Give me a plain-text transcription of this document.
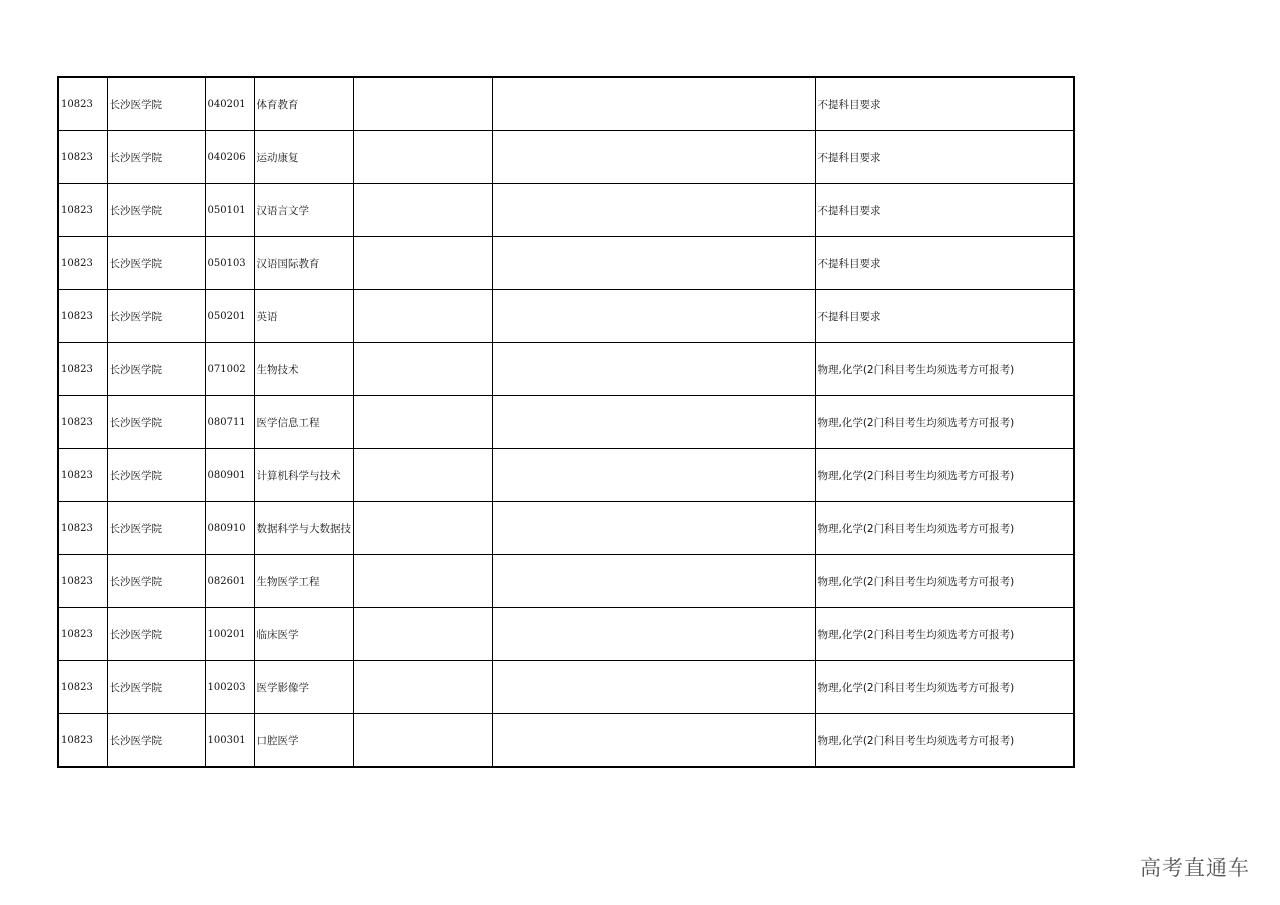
10823	长沙医学院	040201	体育教育			不提科目要求
10823	长沙医学院	040206	运动康复			不提科目要求
10823	长沙医学院	050101	汉语言文学			不提科目要求
10823	长沙医学院	050103	汉语国际教育			不提科目要求
10823	长沙医学院	050201	英语			不提科目要求
10823	长沙医学院	071002	生物技术			物理,化学(2门科目考生均须选考方可报考)
10823	长沙医学院	080711	医学信息工程			物理,化学(2门科目考生均须选考方可报考)
10823	长沙医学院	080901	计算机科学与技术			物理,化学(2门科目考生均须选考方可报考)
10823	长沙医学院	080910	数据科学与大数据技			物理,化学(2门科目考生均须选考方可报考)
10823	长沙医学院	082601	生物医学工程			物理,化学(2门科目考生均须选考方可报考)
10823	长沙医学院	100201	临床医学			物理,化学(2门科目考生均须选考方可报考)
10823	长沙医学院	100203	医学影像学			物理,化学(2门科目考生均须选考方可报考)
10823	长沙医学院	100301	口腔医学			物理,化学(2门科目考生均须选考方可报考)
高考直通车
